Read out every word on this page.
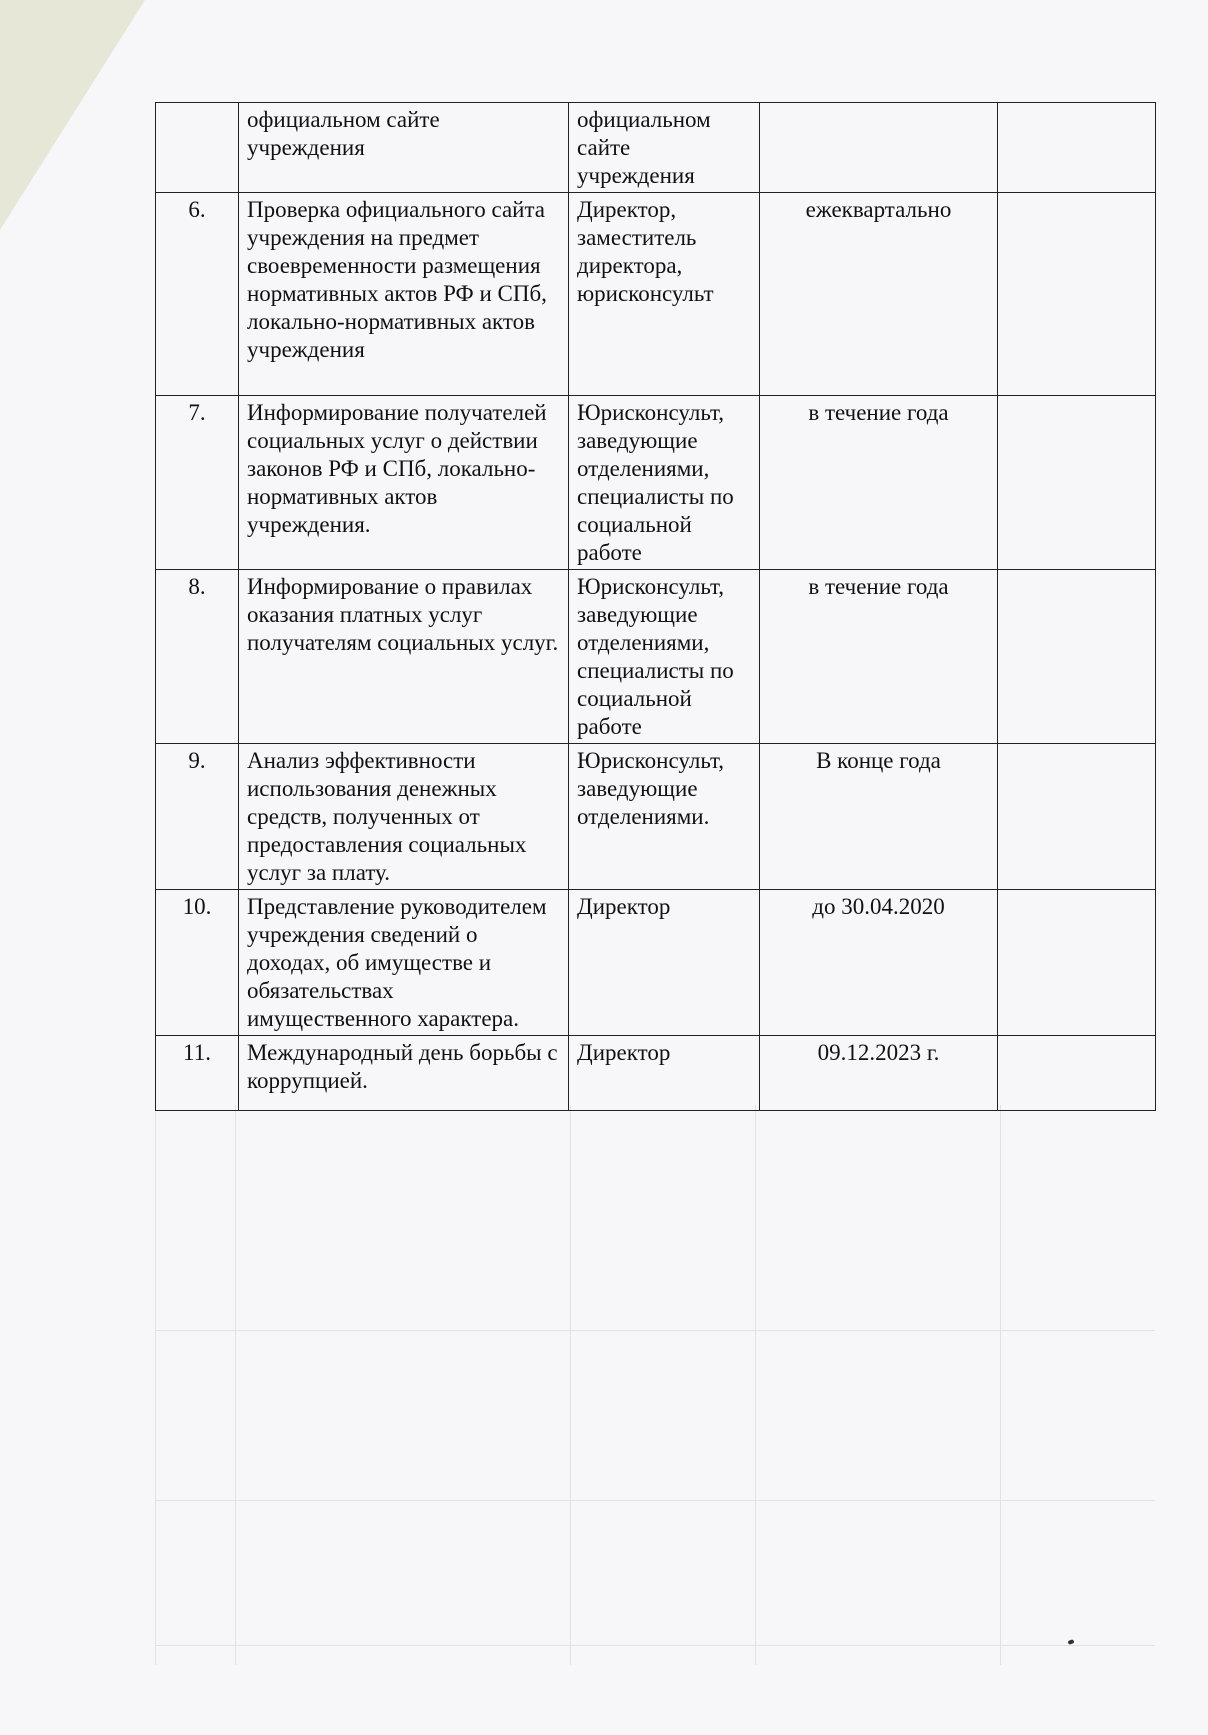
	официальном сайте учреждения	официальном сайте учреждения		
6.	Проверка официального сайта учреждения на предмет своевременности размещения нормативных актов РФ и СПб, локально-нормативных актов учреждения	Директор, заместитель директора, юрисконсульт	ежеквартально	
7.	Информирование получателей социальных услуг о действии законов РФ и СПб, локально-нормативных актов учреждения.	Юрисконсульт, заведующие отделениями, специалисты по социальной работе	в течение года	
8.	Информирование о правилах оказания платных услуг получателям социальных услуг.	Юрисконсульт, заведующие отделениями, специалисты по социальной работе	в течение года	
9.	Анализ эффективности использования денежных средств, полученных от предоставления социальных услуг за плату.	Юрисконсульт, заведующие отделениями.	В конце года	
10.	Представление руководителем учреждения сведений о доходах, об имуществе и обязательствах имущественного характера.	Директор	до 30.04.2020	
11.	Международный день борьбы с коррупцией.	Директор	09.12.2023 г.	
